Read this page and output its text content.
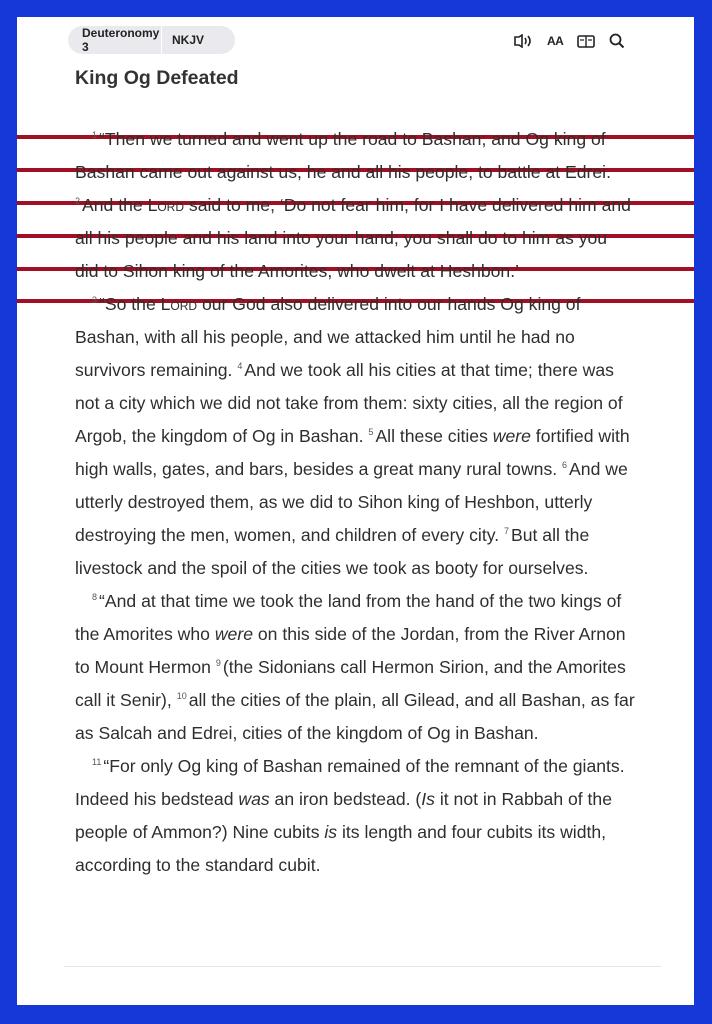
Deuteronomy 3	NKJV	AA
King Og Defeated

$^1$ “Then we turned and went up the road to Bashan; and Og king of Bashan came out against us, he and all his people, to battle at Edrei. $^2$ And the Lord said to me, ‘Do not fear him, for I have delivered him and all his people and his land into your hand; you shall do to him as you did to Sihon king of the Amorites, who dwelt at Heshbon.’

$^3$ “So the Lord our God also delivered into our hands Og king of Bashan, with all his people, and we attacked him until he had no survivors remaining. $^4$ And we took all his cities at that time; there was not a city which we did not take from them: sixty cities, all the region of Argob, the kingdom of Og in Bashan. $^5$ All these cities were fortified with high walls, gates, and bars, besides a great many rural towns. $^6$ And we utterly destroyed them, as we did to Sihon king of Heshbon, utterly destroying the men, women, and children of every city. $^7$ But all the livestock and the spoil of the cities we took as booty for ourselves.

$^8$ “And at that time we took the land from the hand of the two kings of the Amorites who were on this side of the Jordan, from the River Arnon to Mount Hermon $^9$ (the Sidonians call Hermon Sirion, and the Amorites call it Senir), $^{10}$ all the cities of the plain, all Gilead, and all Bashan, as far as Salcah and Edrei, cities of the kingdom of Og in Bashan.

$^{11}$ “For only Og king of Bashan remained of the remnant of the giants. Indeed his bedstead was an iron bedstead. (Is it not in Rabbah of the people of Ammon?) Nine cubits is its length and four cubits its width, according to the standard cubit.
